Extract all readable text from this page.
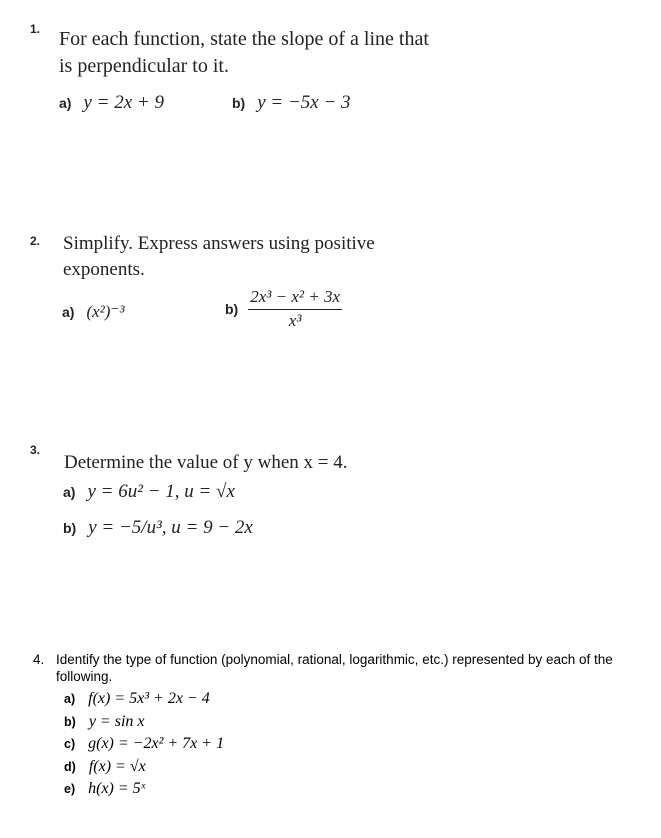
1. For each function, state the slope of a line that
is perpendicular to it.
a) y = 2x + 9	b) y = −5x − 3
2. Simplify. Express answers using positive
exponents.
a) (x²)⁻³	$b) \frac{\text{2x³ − x² + 3x}}{\text{x³}}$
3.
Determine the value of y when x = 4.
a) y = 6u² − 1, u = √x
b) y = −5/u³, u = 9 − 2x
4. Identify the type of function (polynomial, rational, logarithmic, etc.) represented by each of the
following.
a) f(x) = 5x³ + 2x − 4
b) y = sin x
c) g(x) = −2x² + 7x + 1
d) f(x) = √x
e) h(x) = 5ˣ
